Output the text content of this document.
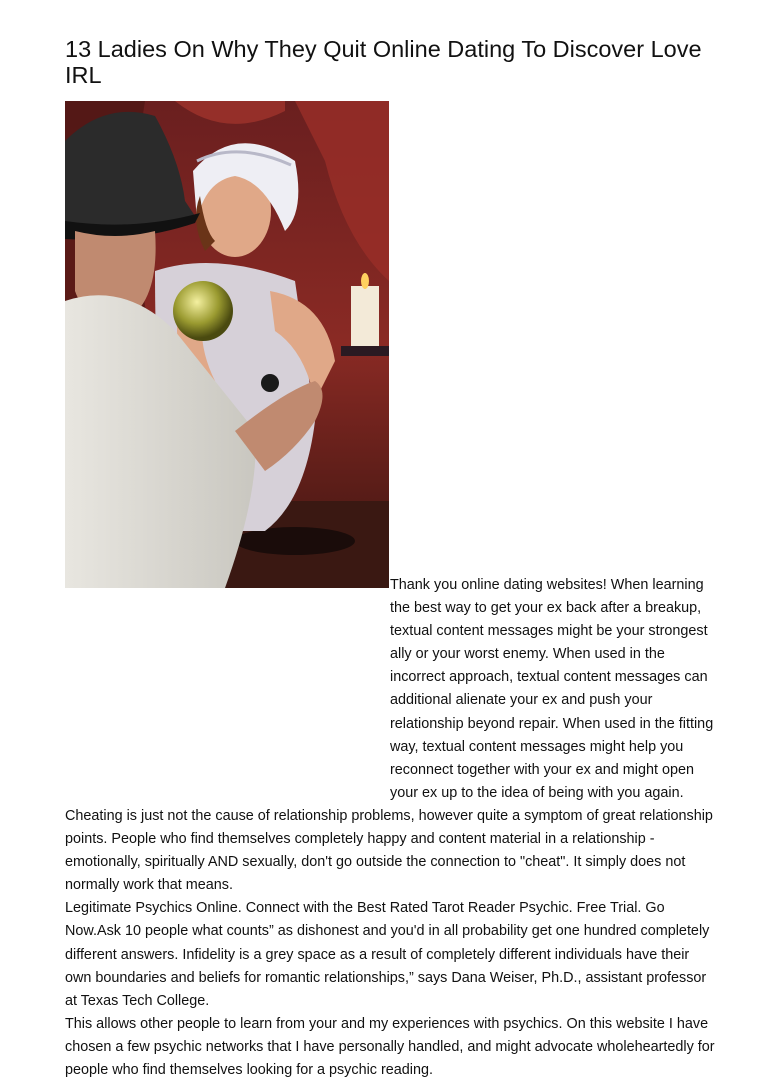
13 Ladies On Why They Quit Online Dating To Discover Love IRL

Thank you online dating websites! When learning the best way to get your ex back after a breakup, textual content messages might be your strongest ally or your worst enemy. When used in the incorrect approach, textual content messages can additional alienate your ex and push your relationship beyond repair. When used in the fitting way, textual content messages might help you reconnect together with your ex and might open your ex up to the idea of being with you again.

Cheating is just not the cause of relationship problems, however quite a symptom of great relationship points. People who find themselves completely happy and content material in a relationship - emotionally, spiritually AND sexually, don't go outside the connection to "cheat". It simply does not normally work that means.

Legitimate Psychics Online. Connect with the Best Rated Tarot Reader Psychic. Free Trial. Go Now.Ask 10 people what counts” as dishonest and you'd in all probability get one hundred completely different answers. Infidelity is a grey space as a result of completely different individuals have their own boundaries and beliefs for romantic relationships,” says Dana Weiser, Ph.D., assistant professor at Texas Tech College.

This allows other people to learn from your and my experiences with psychics. On this website I have chosen a few psychic networks that I have personally handled, and might advocate wholeheartedly for people who find themselves looking for a psychic reading.
